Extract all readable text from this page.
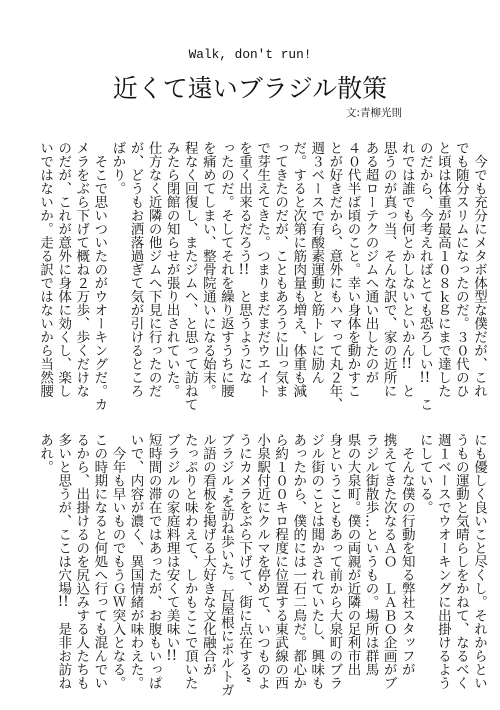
Walk, don't run!
近くて遠いブラジル散策
文:青柳光則
　今でも充分にメタボ体型な僕だが、これ
でも随分スリムになったのだ。３０代のひ
と頃は体重が最高１０８ｋｇにまで達した
のだから、今考えればとても恐ろしい!!　こ
れでは誰でも何とかしないといかん!!　と
思うのが真っ当、そんな訳で、家の近所に
ある超ローテクのジムへ通い出したのが
４０代半ば頃のこと。幸い身体を動かすこ
とが好きだから、意外にもハマって丸２年、
週３ベースで有酸素運動と筋トレに励ん
だ。すると次第に筋肉量も増え、体重も減
ってきたのだが、こともあろうに山っ気ま
で芽生えてきた。つまりまだまだウエイト
を重く出来るだろう!!　と思うようにな
ったのだ。そしてそれを繰り返すうちに腰
を痛めてしまい、整骨院通いになる始末。
程なく回復し、またジムへ、と思って訪ねて
みたら閉館の知らせが張り出されていた。
仕方なく近隣の他ジムへ下見に行ったのだ
が、どうもお洒落過ぎて気が引けるところ
ばかり。
　そこで思いついたのがウオーキングだ。カ
メラをぶら下げて概ね２万歩、歩くだけな
のだが、これが意外に身体に効くし、楽し
いではないか。走る訳ではないから当然腰
にも優しく良いこと尽くし。それからとい
うもの運動と気晴らしをかねて、なるべく
週１ベースでウオーキングに出掛けるよう
にしている。
　そんな僕の行動を知る弊社スタッフが
携えてきた次なるＡＯ　ＬＡＢＯ企画がブ
ラジル街散歩…というもの。場所は群馬
県の大泉町。僕の両親が近隣の足利市出
身ということもあって前から大泉町のブラ
ジル街のことは聞かされていたし、興味も
あったから、僕的には一石二鳥だ。都心か
ら約１００キロ程度に位置する東武線の西
小泉駅付近にクルマを停めて、いつものよ
うにカメラをぶら下げて、街に点在する“
ブラジル”を訪ね歩いた。瓦屋根にポルトガ
ル語の看板を掲げる大好きな文化融合が
たっぷりと味わえて、しかもここで頂いた
ブラジルの家庭料理は安くて美味い!!
短時間の滞在ではあったが、お腹もいっぱ
いで、内容が濃く、異国情緒が味わえた。
　今年も早いものでもうＧＷ突入となる。
この時期になると何処へ行っても混んでい
るから、出掛けるのを尻込みする人たちも
多いと思うが、ここは穴場!!　是非お訪ね
あれ。
